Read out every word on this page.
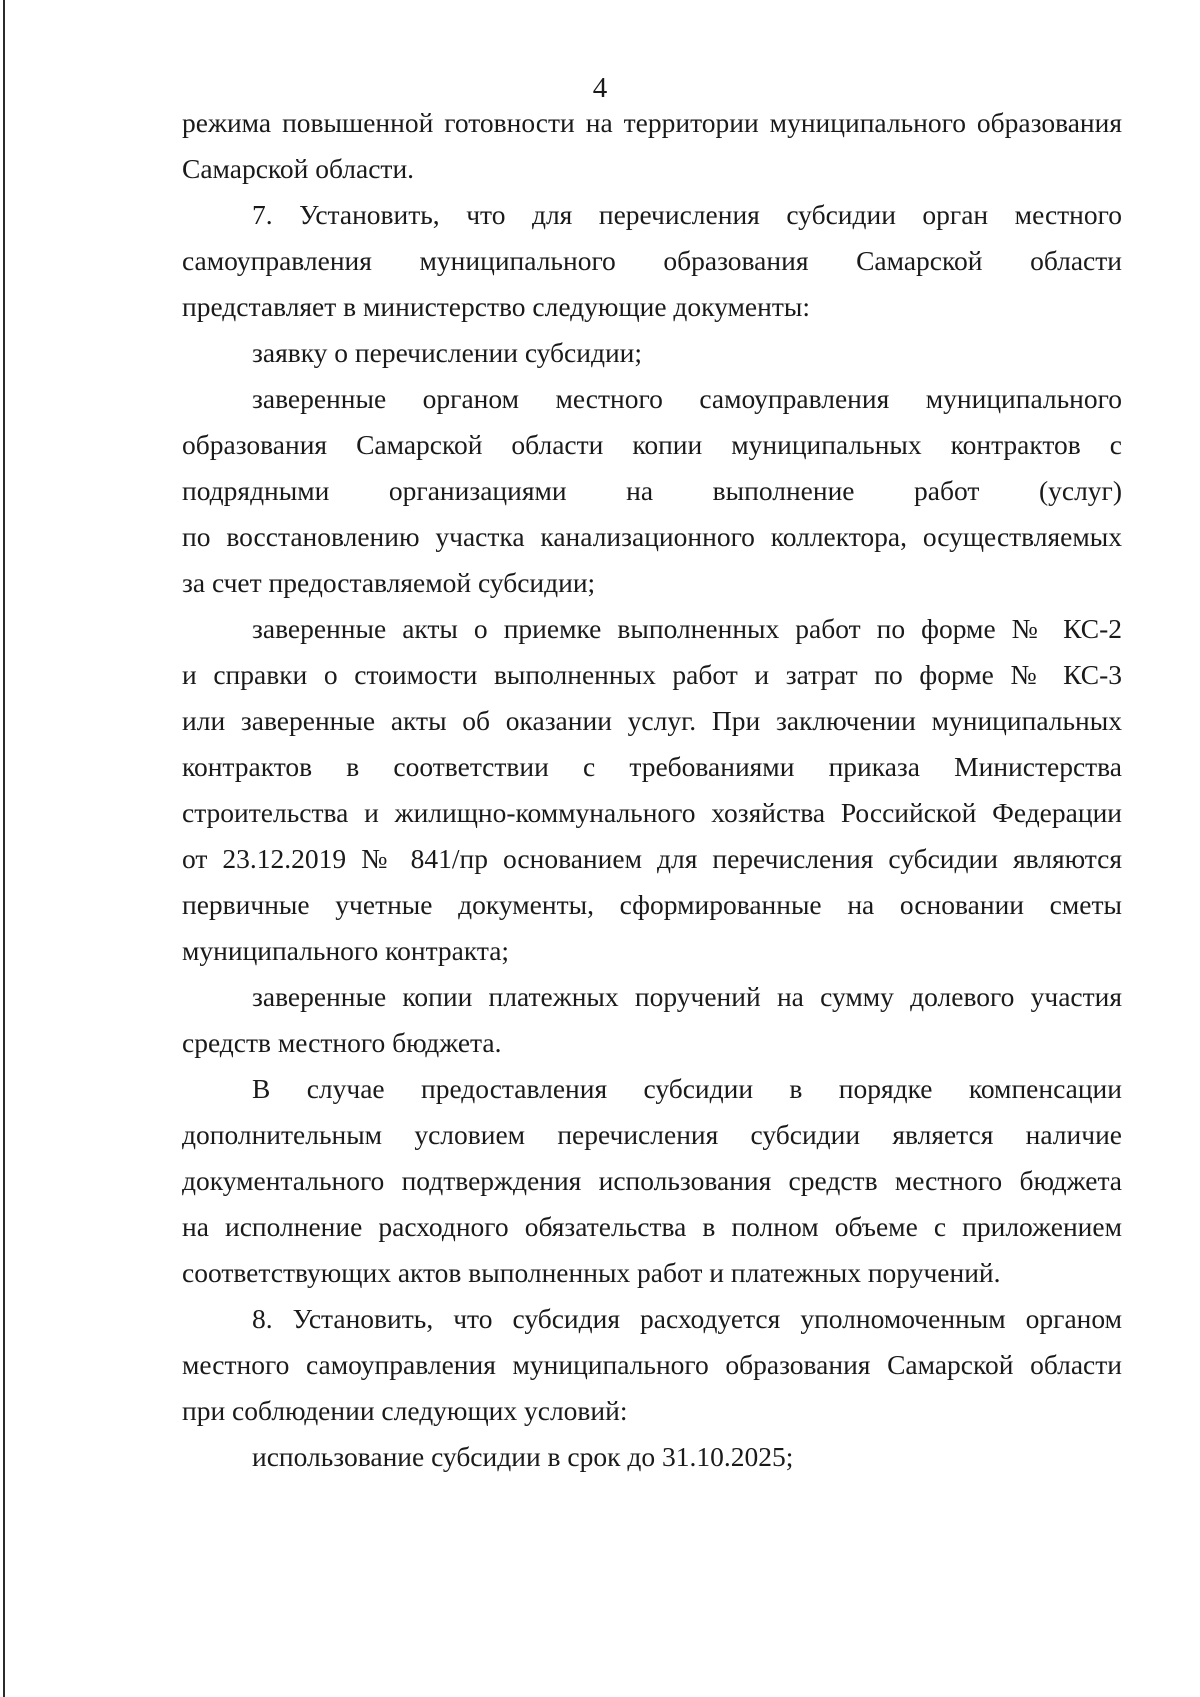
4
режима повышенной готовности на территории муниципального образования
Самарской области.
7. Установить, что для перечисления субсидии орган местного
самоуправления муниципального образования Самарской области
представляет в министерство следующие документы:
заявку о перечислении субсидии;
заверенные органом местного самоуправления муниципального
образования Самарской области копии муниципальных контрактов с
подрядными организациями на выполнение работ (услуг)
по восстановлению участка канализационного коллектора, осуществляемых
за счет предоставляемой субсидии;
заверенные акты о приемке выполненных работ по форме № КС-2
и справки о стоимости выполненных работ и затрат по форме № КС-3
или заверенные акты об оказании услуг. При заключении муниципальных
контрактов в соответствии с требованиями приказа Министерства
строительства и жилищно-коммунального хозяйства Российской Федерации
от 23.12.2019 № 841/пр основанием для перечисления субсидии являются
первичные учетные документы, сформированные на основании сметы
муниципального контракта;
заверенные копии платежных поручений на сумму долевого участия
средств местного бюджета.
В случае предоставления субсидии в порядке компенсации
дополнительным условием перечисления субсидии является наличие
документального подтверждения использования средств местного бюджета
на исполнение расходного обязательства в полном объеме с приложением
соответствующих актов выполненных работ и платежных поручений.
8. Установить, что субсидия расходуется уполномоченным органом
местного самоуправления муниципального образования Самарской области
при соблюдении следующих условий:
использование субсидии в срок до 31.10.2025;
